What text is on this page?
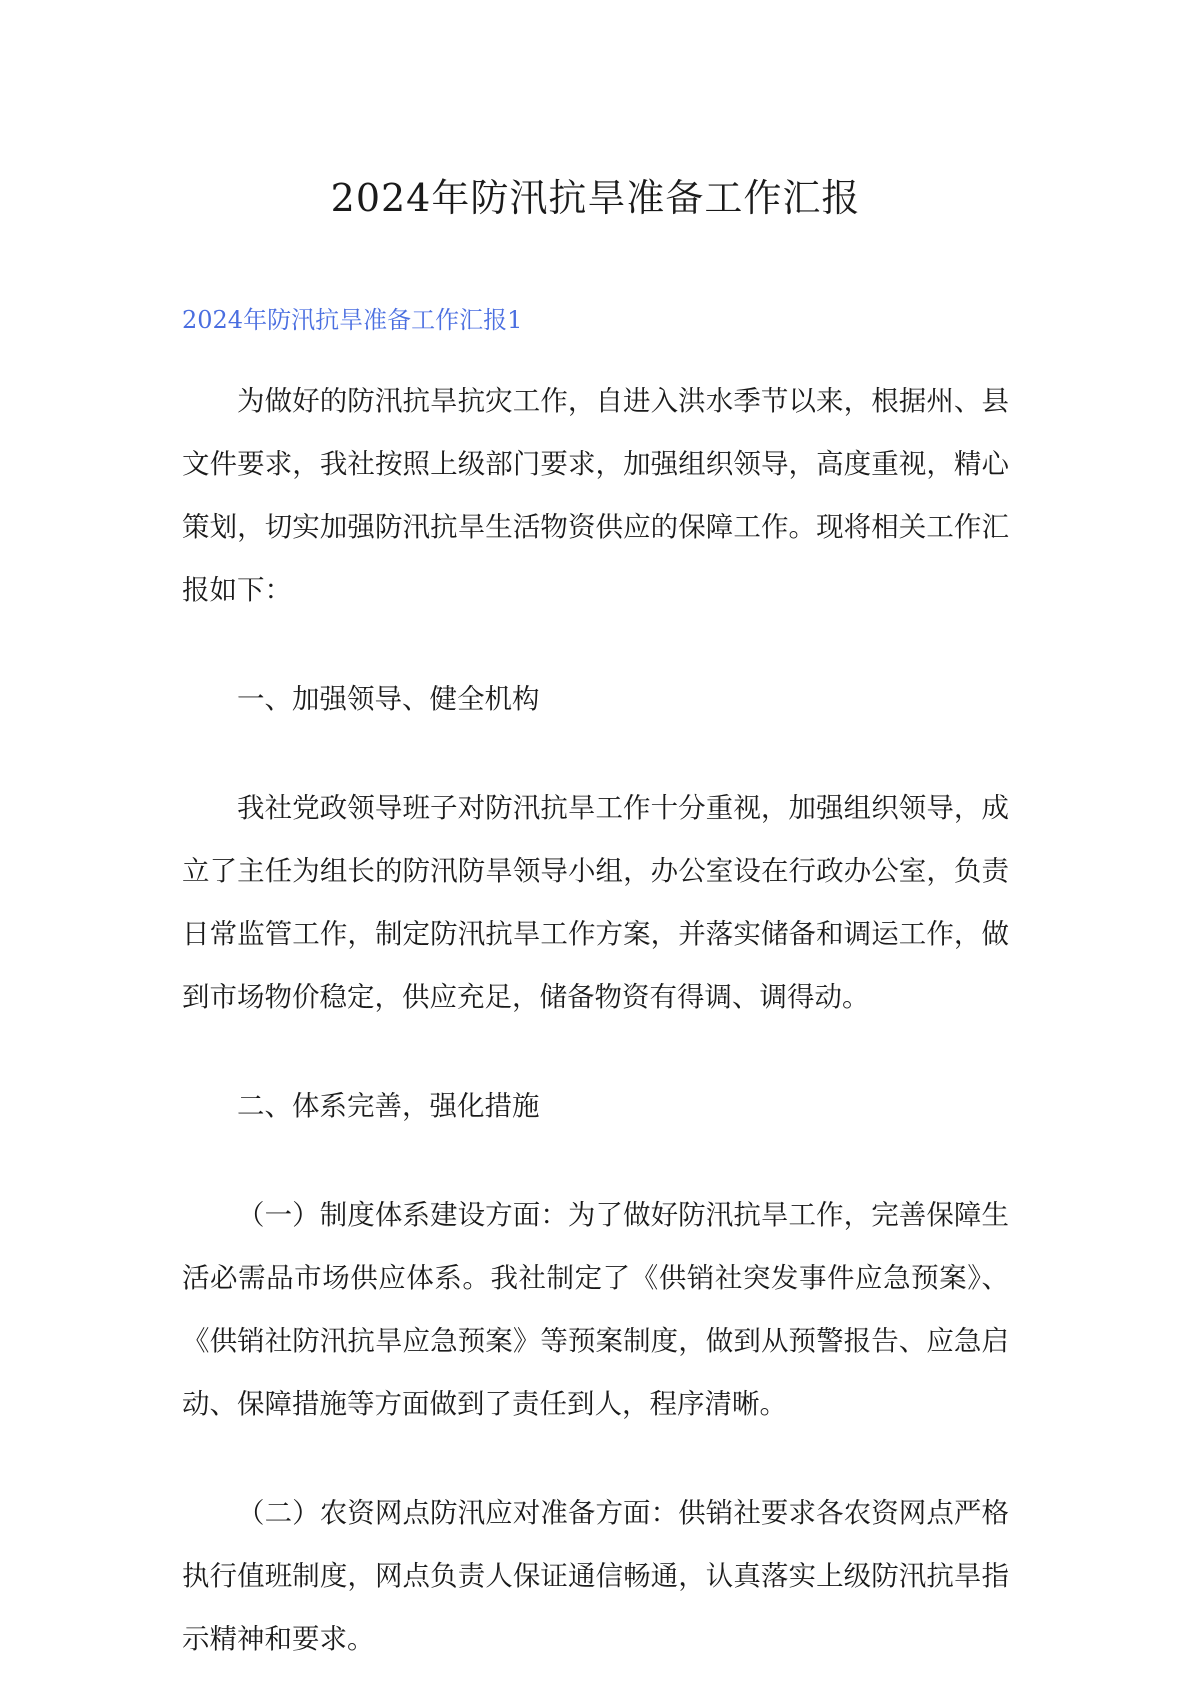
2024年防汛抗旱准备工作汇报
2024年防汛抗旱准备工作汇报1

为做好的防汛抗旱抗灾工作，自进入洪水季节以来，根据州、县文件要求，我社按照上级部门要求，加强组织领导，高度重视，精心策划，切实加强防汛抗旱生活物资供应的保障工作。现将相关工作汇报如下：

一、加强领导、健全机构

我社党政领导班子对防汛抗旱工作十分重视，加强组织领导，成立了主任为组长的防汛防旱领导小组，办公室设在行政办公室，负责日常监管工作，制定防汛抗旱工作方案，并落实储备和调运工作，做到市场物价稳定，供应充足，储备物资有得调、调得动。

二、体系完善，强化措施

（一）制度体系建设方面：为了做好防汛抗旱工作，完善保障生活必需品市场供应体系。我社制定了《供销社突发事件应急预案》、《供销社防汛抗旱应急预案》等预案制度，做到从预警报告、应急启动、保障措施等方面做到了责任到人，程序清晰。

（二）农资网点防汛应对准备方面：供销社要求各农资网点严格执行值班制度，网点负责人保证通信畅通，认真落实上级防汛抗旱指示精神和要求。
